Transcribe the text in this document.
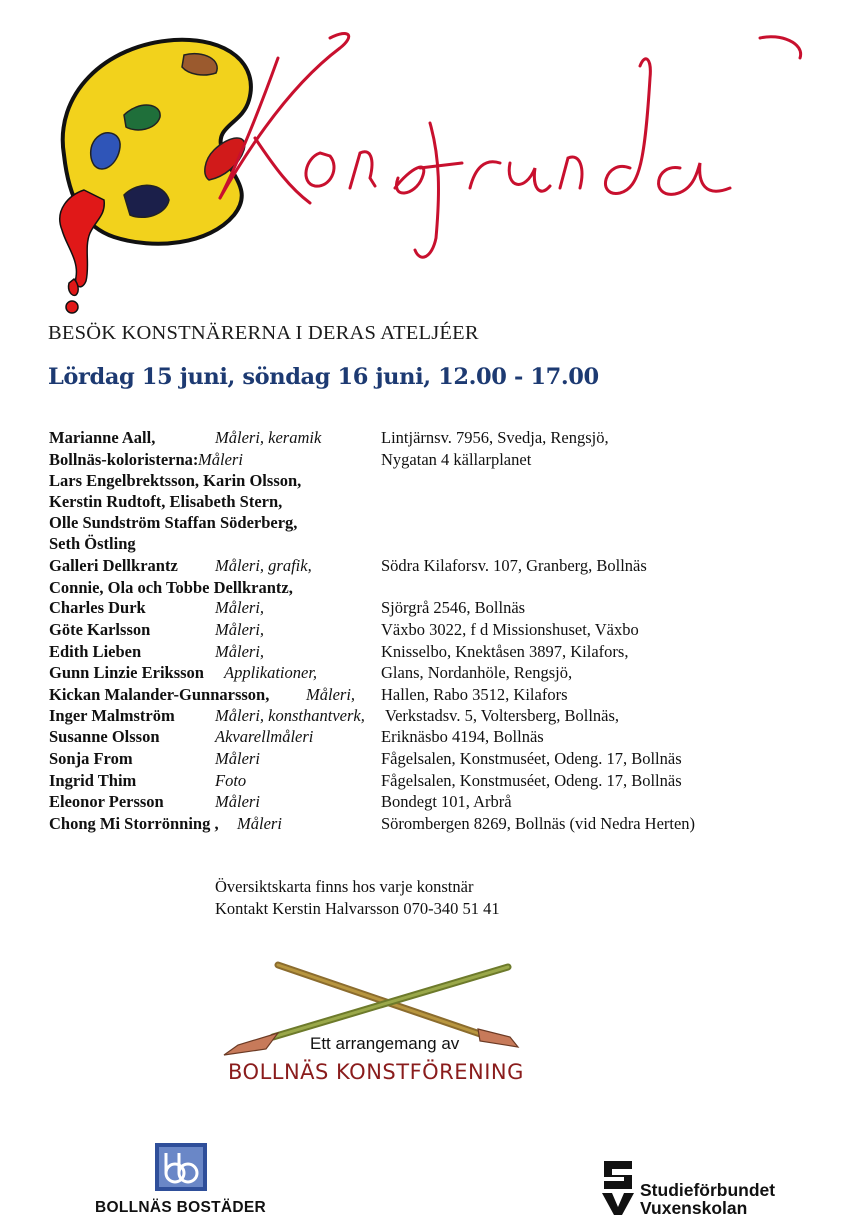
BESÖK KONSTNÄRERNA I DERAS ATELJÉER
Lördag 15 juni, söndag 16 juni, 12.00 - 17.00
Marianne Aall,	Måleri, keramik	Lintjärnsv. 7956, Svedja, Rengsjö,
Bollnäs-koloristerna: Måleri	Nygatan 4 källarplanet
Lars Engelbrektsson, Karin Olsson,
Kerstin Rudtoft, Elisabeth Stern,
Olle Sundström Staffan Söderberg,
Seth Östling
Galleri Dellkrantz Måleri, grafik,	Södra Kilaforsv. 107, Granberg, Bollnäs
Connie, Ola och Tobbe Dellkrantz,
Charles Durk	Måleri,	Sjörgrå 2546, Bollnäs
Göte Karlsson	Måleri,	Växbo 3022, f d Missionshuset, Växbo
Edith Lieben	Måleri,	Knisselbo, Knektåsen 3897, Kilafors,
Gunn Linzie Eriksson Applikationer,	Glans, Nordanhöle, Rengsjö,
Kickan Malander-Gunnarsson, Måleri, Hallen, Rabo 3512, Kilafors
Inger Malmström Måleri, konsthantverk, Verkstadsv. 5, Voltersberg, Bollnäs,
Susanne Olsson	Akvarellmåleri	Eriknäsbo 4194, Bollnäs
Sonja From	Måleri	Fågelsalen, Konstmuséet, Odeng. 17, Bollnäs
Ingrid Thim	Foto	Fågelsalen, Konstmuséet, Odeng. 17, Bollnäs
Eleonor Persson	Måleri	Bondegt 101, Arbrå
Chong Mi Storrönning , Måleri	Sörombergen 8269, Bollnäs (vid Nedra Herten)
Översiktskarta finns hos varje konstnär
Kontakt Kerstin Halvarsson 070-340 51 41
Ett arrangemang av
BOLLNÄS KONSTFÖRENING
BOLLNÄS BOSTÄDER
Studieförbundet
Vuxenskolan
